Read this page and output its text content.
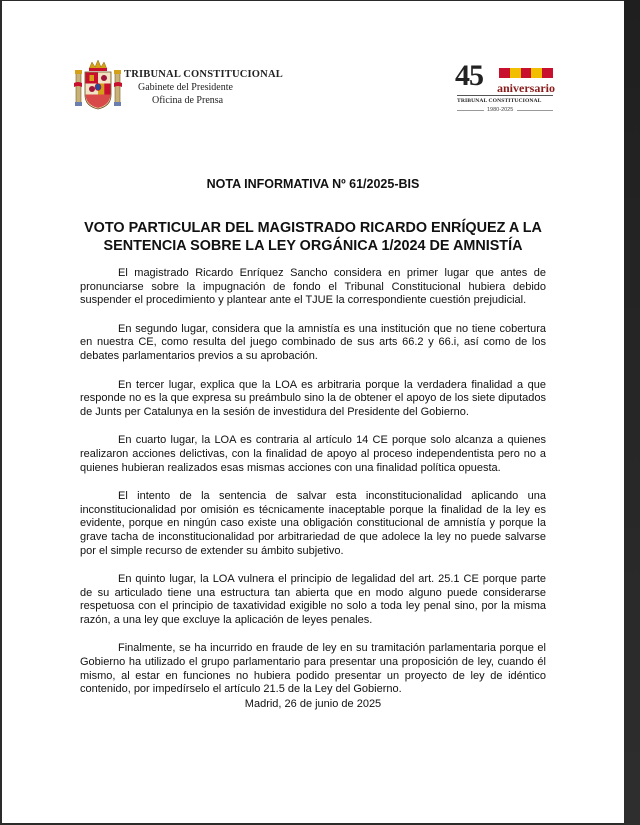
TRIBUNAL CONSTITUCIONAL
Gabinete del Presidente
Oficina de Prensa
45 aniversario
TRIBUNAL CONSTITUCIONAL
1980-2025
NOTA INFORMATIVA Nº 61/2025-BIS
VOTO PARTICULAR DEL MAGISTRADO RICARDO ENRÍQUEZ A LA
SENTENCIA SOBRE LA LEY ORGÁNICA 1/2024 DE AMNISTÍA

El magistrado Ricardo Enríquez Sancho considera en primer lugar que antes de pronunciarse sobre la impugnación de fondo el Tribunal Constitucional hubiera debido suspender el procedimiento y plantear ante el TJUE la correspondiente cuestión prejudicial.

En segundo lugar, considera que la amnistía es una institución que no tiene cobertura en nuestra CE, como resulta del juego combinado de sus arts 66.2 y 66.i, así como de los debates parlamentarios previos a su aprobación.

En tercer lugar, explica que la LOA es arbitraria porque la verdadera finalidad a que responde no es la que expresa su preámbulo sino la de obtener el apoyo de los siete diputados de Junts per Catalunya en la sesión de investidura del Presidente del Gobierno.

En cuarto lugar, la LOA es contraria al artículo 14 CE porque solo alcanza a quienes realizaron acciones delictivas, con la finalidad de apoyo al proceso independentista pero no a quienes hubieran realizados esas mismas acciones con una finalidad política opuesta.

El intento de la sentencia de salvar esta inconstitucionalidad aplicando una inconstitucionalidad por omisión es técnicamente inaceptable porque la finalidad de la ley es evidente, porque en ningún caso existe una obligación constitucional de amnistía y porque la grave tacha de inconstitucionalidad por arbitrariedad de que adolece la ley no puede salvarse por el simple recurso de extender su ámbito subjetivo.

En quinto lugar, la LOA vulnera el principio de legalidad del art. 25.1 CE porque parte de su articulado tiene una estructura tan abierta que en modo alguno puede considerarse respetuosa con el principio de taxatividad exigible no solo a toda ley penal sino, por la misma razón, a una ley que excluye la aplicación de leyes penales.

Finalmente, se ha incurrido en fraude de ley en su tramitación parlamentaria porque el Gobierno ha utilizado el grupo parlamentario para presentar una proposición de ley, cuando él mismo, al estar en funciones no hubiera podido presentar un proyecto de ley de idéntico contenido, por impedírselo el artículo 21.5 de la Ley del Gobierno.

Madrid, 26 de junio de 2025
